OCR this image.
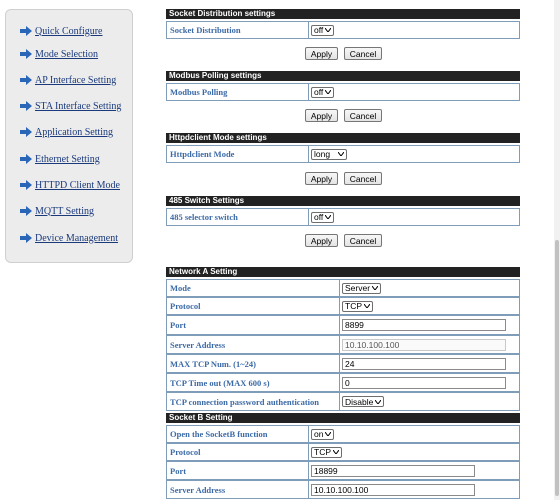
Quick Configure
Mode Selection
AP Interface Setting
STA Interface Setting
Application Setting
Ethernet Setting
HTTPD Client Mode
MQTT Setting
Device Management
Socket Distribution settings
Socket Distribution	off
Apply	Cancel
Modbus Polling settings
Modbus Polling	off
Apply	Cancel
Httpdclient Mode settings
Httpdclient Mode	long
Apply	Cancel
485 Switch Settings
485 selector switch	off
Apply	Cancel
Network A Setting
Mode	Server
Protocol	TCP
Port	8899
Server Address	10.10.100.100
MAX TCP Num. (1~24)	24
TCP Time out (MAX 600 s)	0
TCP connection password authentication	Disable
Socket B Setting
Open the SocketB function	on
Protocol	TCP
Port	18899
Server Address	10.10.100.100
